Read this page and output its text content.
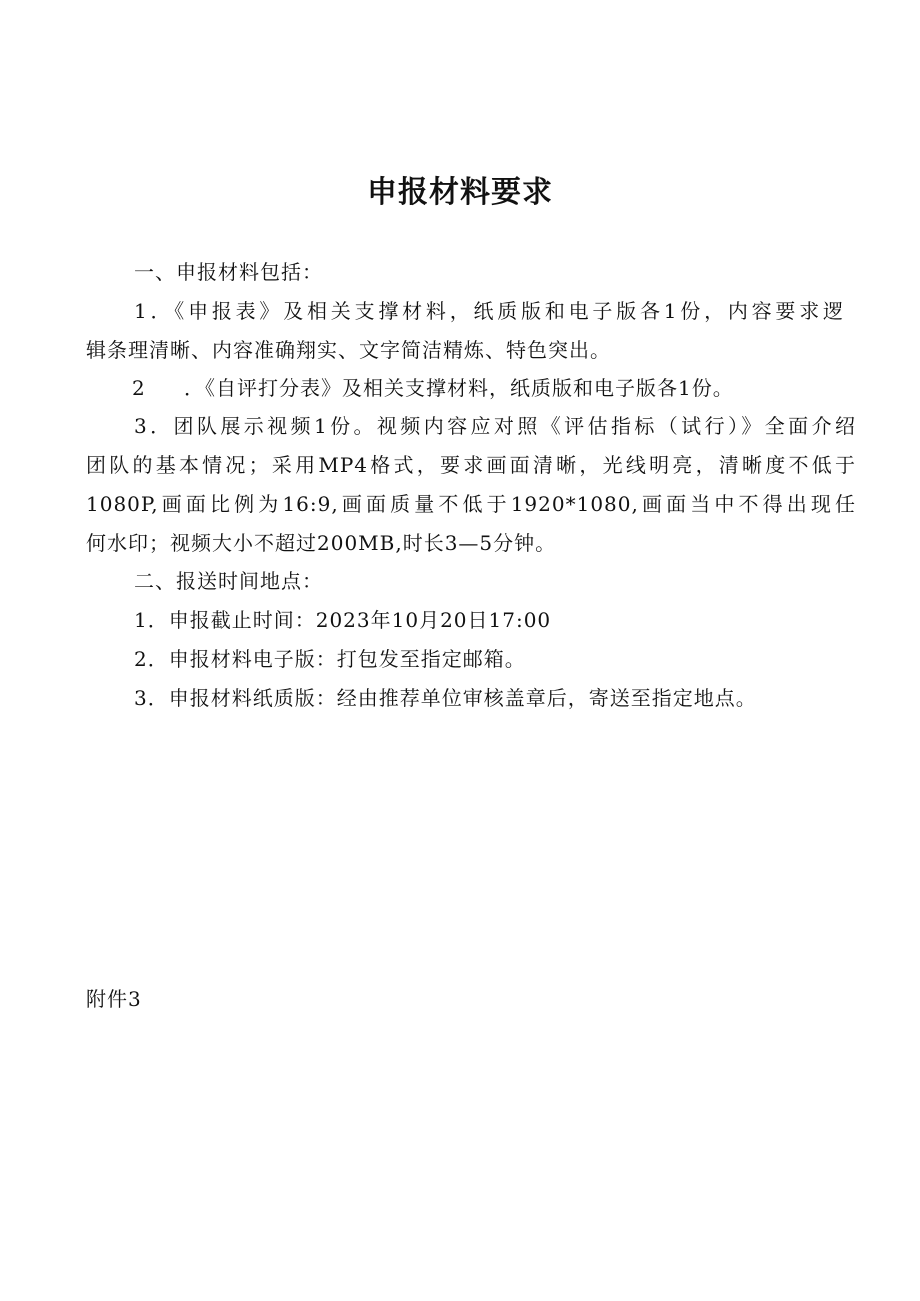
申报材料要求
一、申报材料包括：
1．《申报表》及相关支撑材料，纸质版和电子版各1份，内容要求逻
辑条理清晰、内容准确翔实、文字简洁精炼、特色突出。
2 ．《自评打分表》及相关支撑材料，纸质版和电子版各1份。
3．团队展示视频1份。视频内容应对照《评估指标（试行）》全面介绍
团队的基本情况；采用MP4格式，要求画面清晰，光线明亮，清晰度不低于
1080P,画面比例为16:9,画面质量不低于1920*1080,画面当中不得出现任
何水印；视频大小不超过200MB,时长3—5分钟。
二、报送时间地点：
1．申报截止时间：2023年10月20日17:00
2．申报材料电子版：打包发至指定邮箱。
3．申报材料纸质版：经由推荐单位审核盖章后，寄送至指定地点。
附件3
